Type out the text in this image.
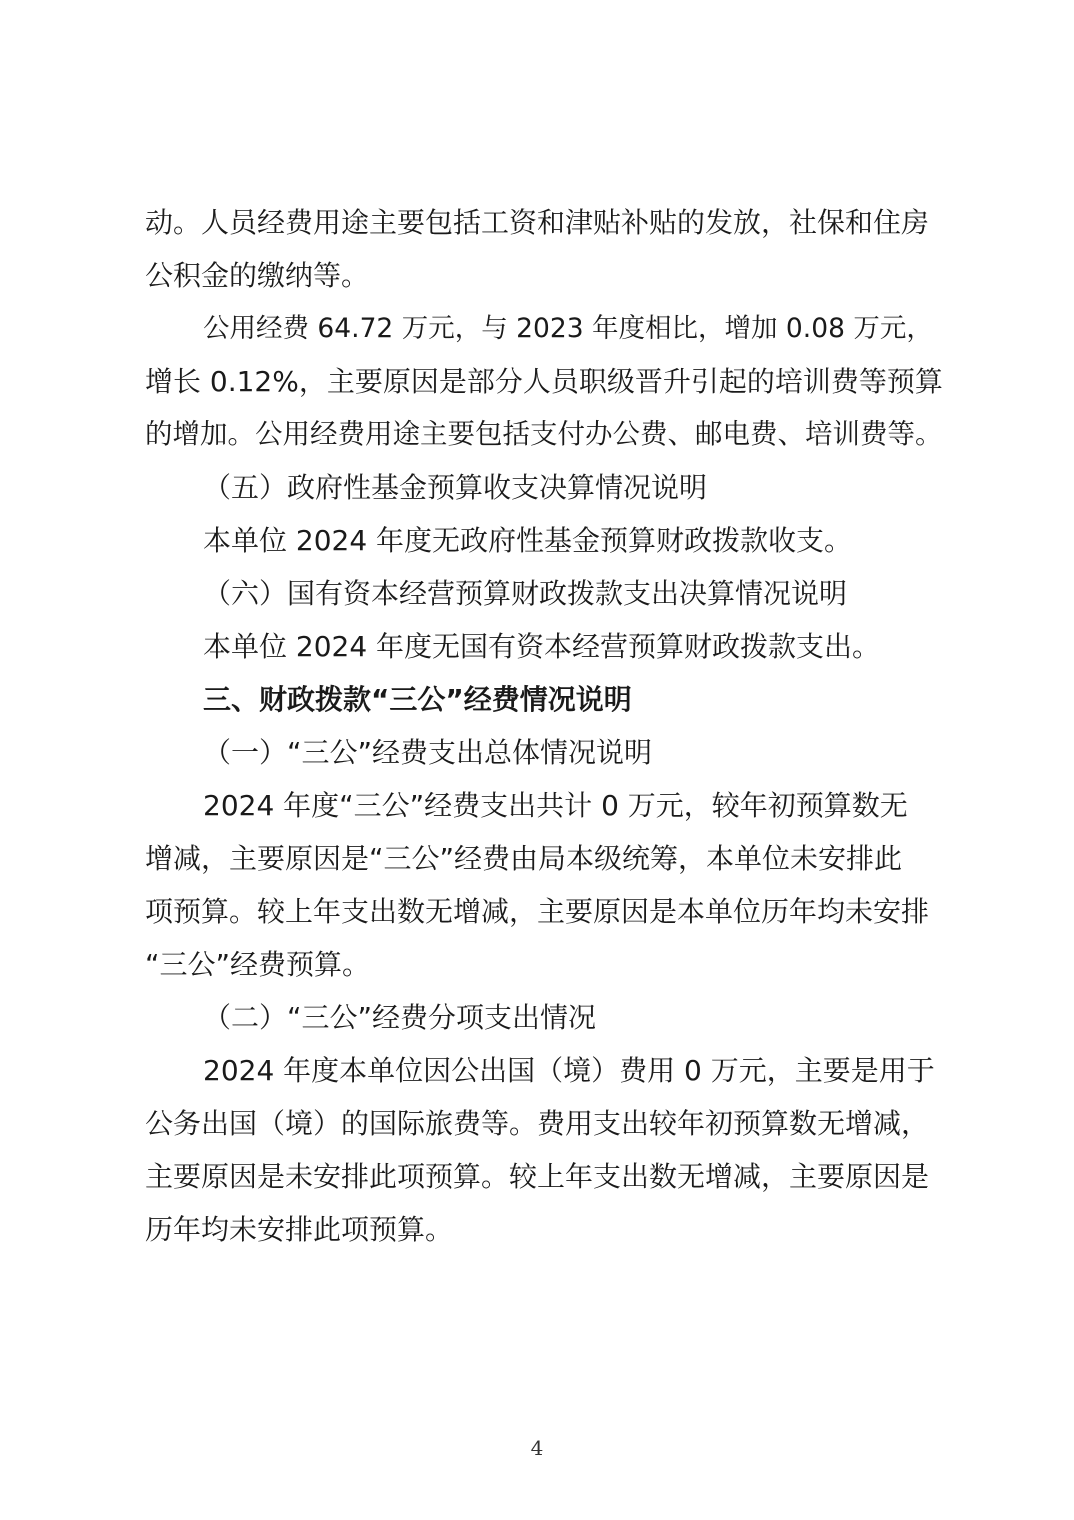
动。人员经费用途主要包括工资和津贴补贴的发放，社保和住房
公积金的缴纳等。
公用经费 64.72 万元，与 2023 年度相比，增加 0.08 万元，
增长 0.12%，主要原因是部分人员职级晋升引起的培训费等预算
的增加。公用经费用途主要包括支付办公费、邮电费、培训费等。
（五）政府性基金预算收支决算情况说明
本单位 2024 年度无政府性基金预算财政拨款收支。
（六）国有资本经营预算财政拨款支出决算情况说明
本单位 2024 年度无国有资本经营预算财政拨款支出。
三、财政拨款“三公”经费情况说明
（一）“三公”经费支出总体情况说明
2024 年度“三公”经费支出共计 0 万元，较年初预算数无
增减，主要原因是“三公”经费由局本级统筹，本单位未安排此
项预算。较上年支出数无增减，主要原因是本单位历年均未安排
“三公”经费预算。
（二）“三公”经费分项支出情况
2024 年度本单位因公出国（境）费用 0 万元，主要是用于
公务出国（境）的国际旅费等。费用支出较年初预算数无增减，
主要原因是未安排此项预算。较上年支出数无增减，主要原因是
历年均未安排此项预算。
4
